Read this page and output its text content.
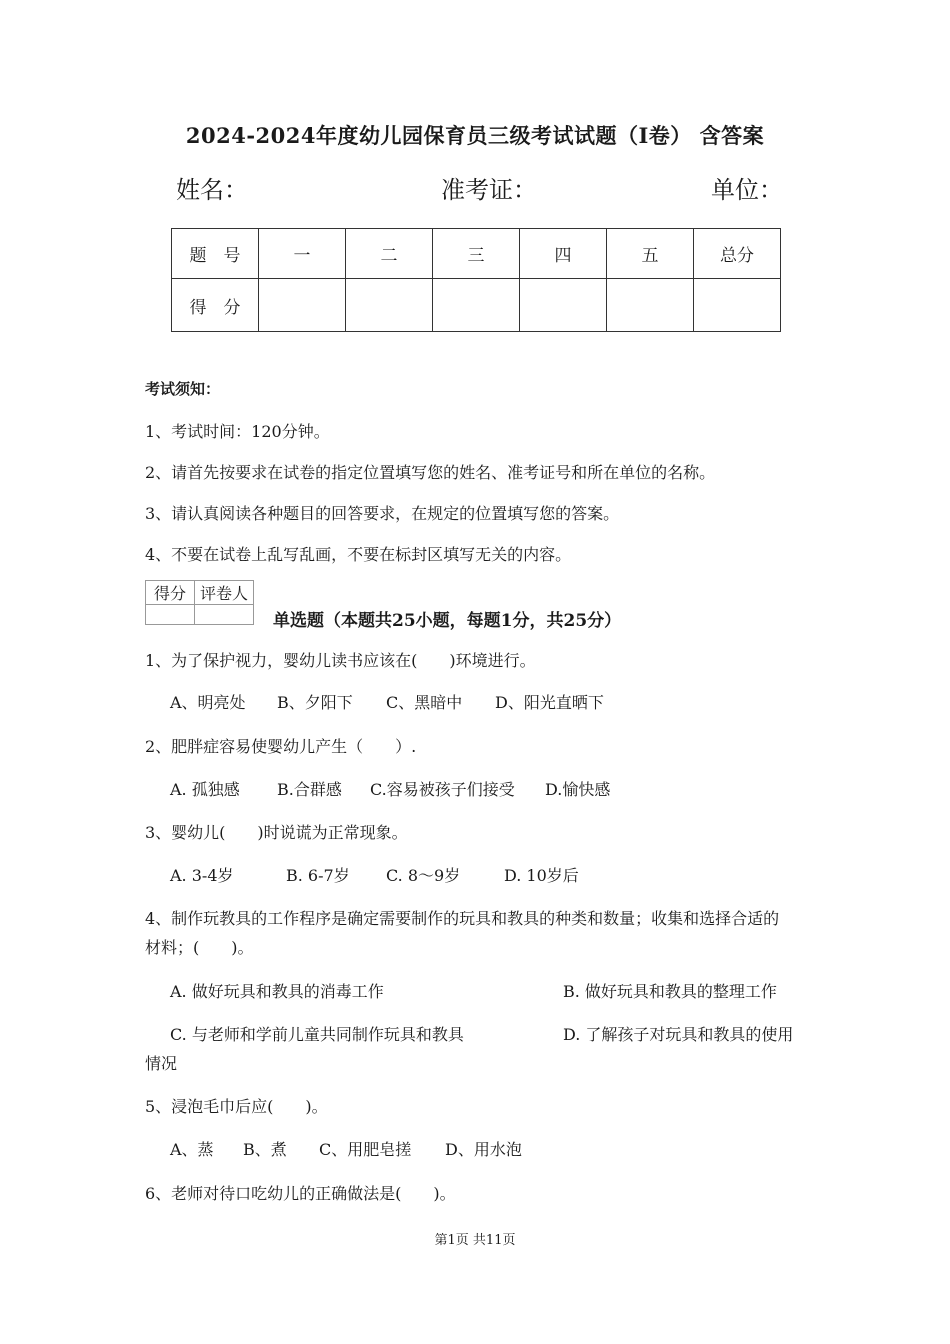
2024-2024年度幼儿园保育员三级考试试题（I卷） 含答案
姓名：	准考证：	单位：
题　号	一	二	三	四	五	总分
得　分						
考试须知：
1、考试时间：120分钟。
2、请首先按要求在试卷的指定位置填写您的姓名、准考证号和所在单位的名称。
3、请认真阅读各种题目的回答要求，在规定的位置填写您的答案。
4、不要在试卷上乱写乱画，不要在标封区填写无关的内容。
得分	评卷人

单选题（本题共25小题，每题1分，共25分）
1、为了保护视力，婴幼儿读书应该在(　　)环境进行。
A、明亮处 B、夕阳下 C、黑暗中 D、阳光直晒下
2、肥胖症容易使婴幼儿产生（　　）.
A. 孤独感 B.合群感 C.容易被孩子们接受 D.愉快感
3、婴幼儿(　　)时说谎为正常现象。
A. 3-4岁	B. 6-7岁 C. 8～9岁	D. 10岁后
4、制作玩教具的工作程序是确定需要制作的玩具和教具的种类和数量；收集和选择合适的
材料；(　　)。
A. 做好玩具和教具的消毒工作	B. 做好玩具和教具的整理工作
C. 与老师和学前儿童共同制作玩具和教具	D. 了解孩子对玩具和教具的使用
情况
5、浸泡毛巾后应(　　)。
A、蒸 B、煮 C、用肥皂搓 D、用水泡
6、老师对待口吃幼儿的正确做法是(　　)。
第1页 共11页
